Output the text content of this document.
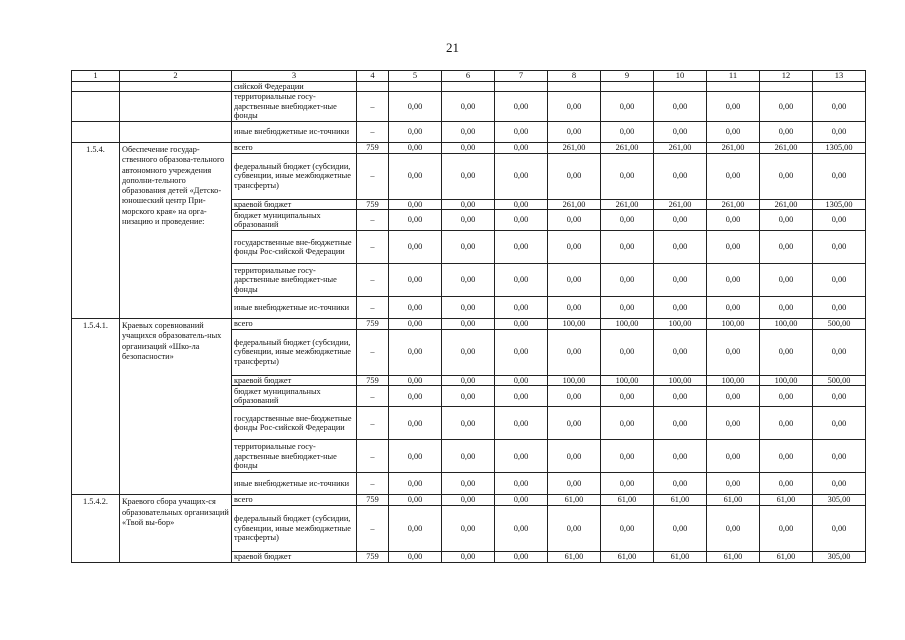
21
1	2	3	4	5	6	7	8	9	10	11	12	13
		сийской Федерации										
		территориальные госу-дарственные внебюджет-ные фонды	–	0,00	0,00	0,00	0,00	0,00	0,00	0,00	0,00	0,00
		иные внебюджетные ис-точники	–	0,00	0,00	0,00	0,00	0,00	0,00	0,00	0,00	0,00
1.5.4.	Обеспечение государ-ственного образова-тельного автономного учреждения дополни-тельного образования детей «Детско-юношеский центр При-морского края» на орга-низацию и проведение:	всего	759	0,00	0,00	0,00	261,00	261,00	261,00	261,00	261,00	1305,00
		федеральный бюджет (субсидии, субвенции, иные межбюджетные трансферты)	–	0,00	0,00	0,00	0,00	0,00	0,00	0,00	0,00	0,00
		краевой бюджет	759	0,00	0,00	0,00	261,00	261,00	261,00	261,00	261,00	1305,00
		бюджет муниципальных образований	–	0,00	0,00	0,00	0,00	0,00	0,00	0,00	0,00	0,00
		государственные вне-бюджетные фонды Рос-сийской Федерации	–	0,00	0,00	0,00	0,00	0,00	0,00	0,00	0,00	0,00
		территориальные госу-дарственные внебюджет-ные фонды	–	0,00	0,00	0,00	0,00	0,00	0,00	0,00	0,00	0,00
		иные внебюджетные ис-точники	–	0,00	0,00	0,00	0,00	0,00	0,00	0,00	0,00	0,00
1.5.4.1.	Краевых соревнований учащихся образователь-ных организаций «Шко-ла безопасности»	всего	759	0,00	0,00	0,00	100,00	100,00	100,00	100,00	100,00	500,00
		федеральный бюджет (субсидии, субвенции, иные межбюджетные трансферты)	–	0,00	0,00	0,00	0,00	0,00	0,00	0,00	0,00	0,00
		краевой бюджет	759	0,00	0,00	0,00	100,00	100,00	100,00	100,00	100,00	500,00
		бюджет муниципальных образований	–	0,00	0,00	0,00	0,00	0,00	0,00	0,00	0,00	0,00
		государственные вне-бюджетные фонды Рос-сийской Федерации	–	0,00	0,00	0,00	0,00	0,00	0,00	0,00	0,00	0,00
		территориальные госу-дарственные внебюджет-ные фонды	–	0,00	0,00	0,00	0,00	0,00	0,00	0,00	0,00	0,00
		иные внебюджетные ис-точники	–	0,00	0,00	0,00	0,00	0,00	0,00	0,00	0,00	0,00
1.5.4.2.	Краевого сбора учащих-ся образовательных организаций «Твой вы-бор»	всего	759	0,00	0,00	0,00	61,00	61,00	61,00	61,00	61,00	305,00
		федеральный бюджет (субсидии, субвенции, иные межбюджетные трансферты)	–	0,00	0,00	0,00	0,00	0,00	0,00	0,00	0,00	0,00
		краевой бюджет	759	0,00	0,00	0,00	61,00	61,00	61,00	61,00	61,00	305,00
